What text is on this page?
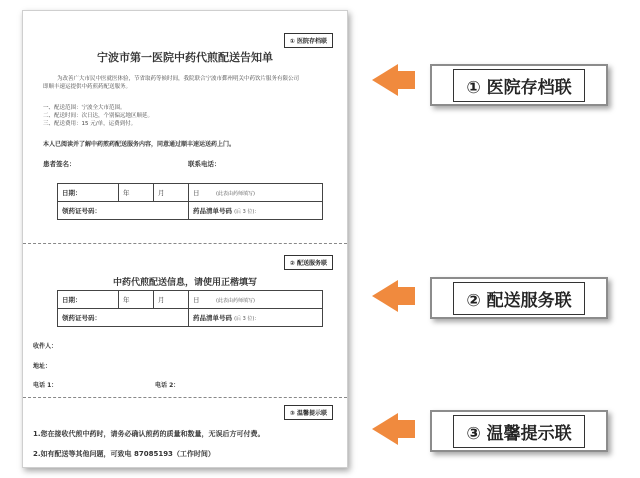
① 医院存档联
宁波市第一医院中药代煎配送告知单
为改善广大市民中医就医体验，节省取药等候时间，我院联合宁波市鄞州明关中药饮片服务有限公司
即顺丰速运提供中药煎药配送服务。
一、配送范围：宁波全大市范围。
二、配送时间：次日达，个别偏远地区顺延。
三、配送费用：15 元/单，运费到付。
本人已阅读并了解中药煎药配送服务内容，同意通过顺丰速运送药上门。
患者签名：	联系电话：
日期：	年	月	日 (此表由药师填写)
领药证号码：			药品清单号码 (后 3 位)：
② 配送服务联
中药代煎配送信息，请使用正楷填写
日期：	年	月	日 (此表由药师填写)
领药证号码：			药品清单号码 (后 3 位)：
收件人：
地址：
电话 1：	电话 2：
③ 温馨提示联
1.您在接收代煎中药时，请务必确认煎药的质量和数量，无误后方可付费。
2.如有配送等其他问题，可致电 87085193（工作时间）
① 医院存档联
② 配送服务联
③ 温馨提示联
